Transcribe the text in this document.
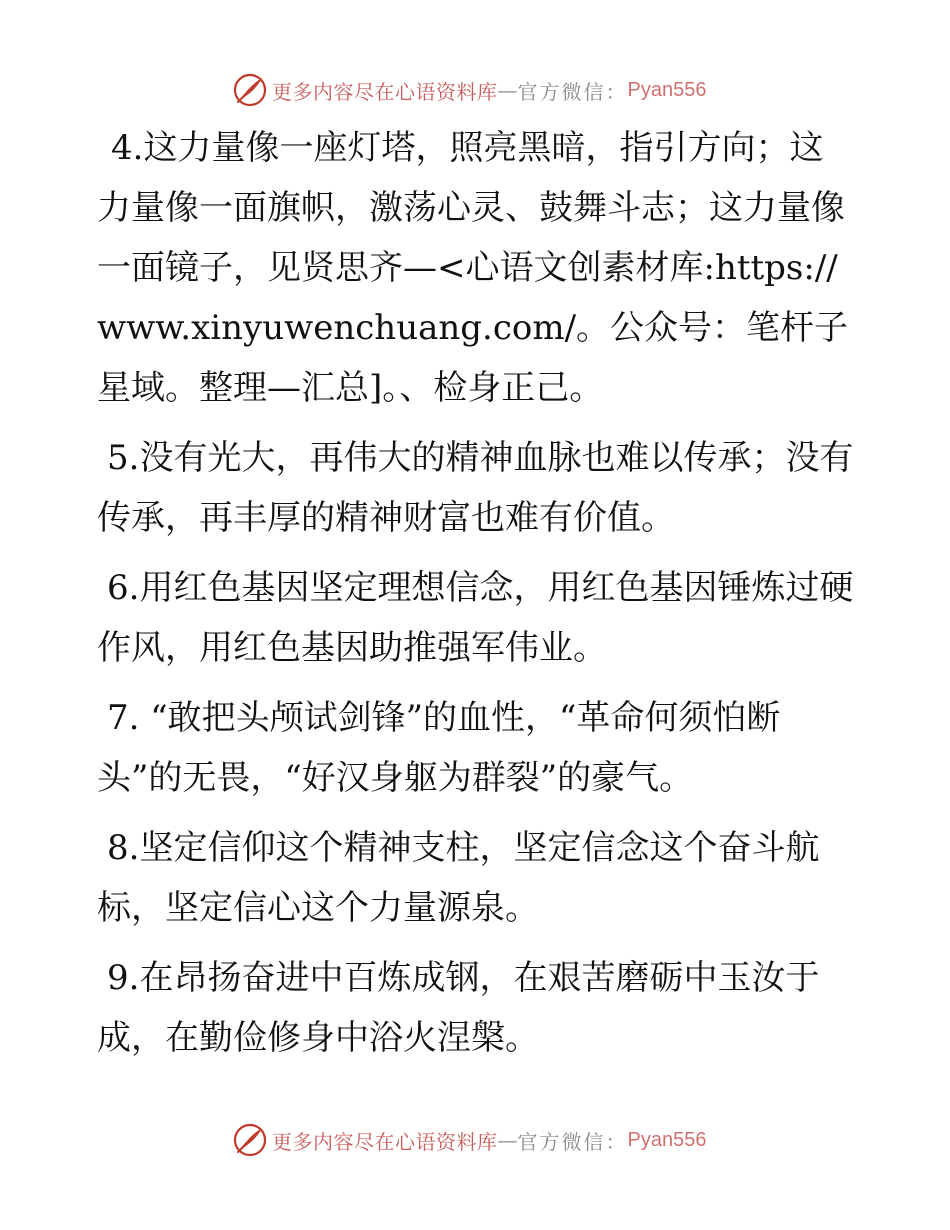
更多内容尽在心语资料库 — 官方微信： Pyan556

4.这力量像一座灯塔，照亮黑暗，指引方向；这力量像一面旗帜，激荡心灵、鼓舞斗志；这力量像一面镜子，见贤思齐—<心语文创素材库:https://www.xinyuwenchuang.com/。公众号：笔杆子星域。整理—汇总]。、检身正己。

5.没有光大，再伟大的精神血脉也难以传承；没有传承，再丰厚的精神财富也难有价值。

6.用红色基因坚定理想信念，用红色基因锤炼过硬作风，用红色基因助推强军伟业。

7. “敢把头颅试剑锋”的血性，“革命何须怕断头”的无畏，“好汉身躯为群裂”的豪气。

8.坚定信仰这个精神支柱，坚定信念这个奋斗航标，坚定信心这个力量源泉。

9.在昂扬奋进中百炼成钢，在艰苦磨砺中玉汝于成，在勤俭修身中浴火涅槃。

更多内容尽在心语资料库 — 官方微信： Pyan556
